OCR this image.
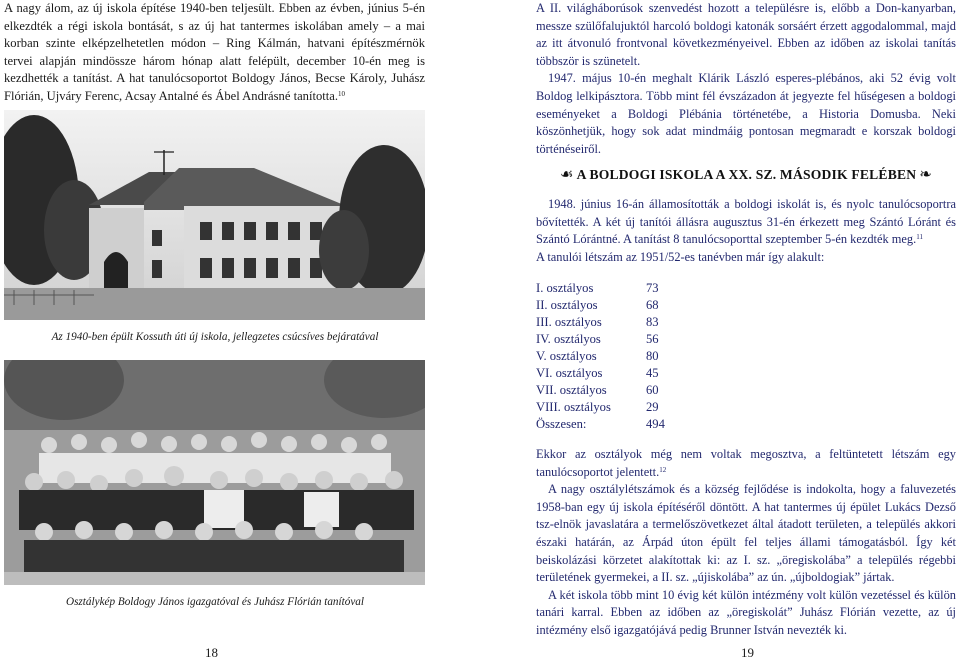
A nagy álom, az új iskola építése 1940-ben teljesült. Ebben az évben, június 5-én elkezdték a régi iskola bontását, s az új hat tantermes iskolában amely – a mai korban szinte elképzelhetetlen módon – Ring Kálmán, hatvani építészmérnök tervei alapján mindössze három hónap alatt felépült, december 10-én meg is kezdhették a tanítást. A hat tanulócsoportot Boldogy János, Becse Károly, Juhász Flórián, Ujváry Ferenc, Acsay Antalné és Ábel Andrásné tanította.$^{10}$

Az 1940-ben épült Kossuth úti új iskola, jellegzetes csúcsíves bejáratával
Osztálykép Boldogy János igazgatóval és Juhász Flórián tanítóval
18

A II. világháborúsok szenvedést hozott a településre is, előbb a Don-kanyarban, messze szülőfalujuktól harcoló boldogi katonák sorsáért érzett aggodalommal, majd az itt átvonuló frontvonal következményeivel. Ebben az időben az iskolai tanítás többször is szünetelt.

1947. május 10-én meghalt Klárik László esperes-plébános, aki 52 évig volt Boldog lelkipásztora. Több mint fél évszázadon át jegyezte fel hűségesen a boldogi eseményeket a Boldogi Plébánia történetébe, a Historia Domusba. Neki köszönhetjük, hogy sok adat mindmáig pontosan megmaradt e korszak boldogi történéseiről.

☙ A BOLDOGI ISKOLA A XX. SZ. MÁSODIK FELÉBEN ❧

1948. június 16-án államosították a boldogi iskolát is, és nyolc tanulócsoportra bővítették. A két új tanítói állásra augusztus 31-én érkezett meg Szántó Lóránt és Szántó Lórántné. A tanítást 8 tanulócsoporttal szeptember 5-én kezdték meg.$^{11}$
A tanulói létszám az 1951/52-es tanévben már így alakult:

I. osztályos	73
II. osztályos	68
III. osztályos	83
IV. osztályos	56
V. osztályos	80
VI. osztályos	45
VII. osztályos	60
VIII. osztályos	29
Összesen:	494

Ekkor az osztályok még nem voltak megosztva, a feltüntetett létszám egy tanulócsoportot jelentett.$^{12}$

A nagy osztálylétszámok és a község fejlődése is indokolta, hogy a faluvezetés 1958-ban egy új iskola építéséről döntött. A hat tantermes új épület Lukács Dezső tsz-elnök javaslatára a termelőszövetkezet által átadott területen, a település akkori északi határán, az Árpád úton épült fel teljes állami támogatásból. Így két beiskolázási körzetet alakítottak ki: az I. sz. „öregiskolába” a település régebbi területének gyermekei, a II. sz. „újiskolába” az ún. „újboldogiak” jártak.

A két iskola több mint 10 évig két külön intézmény volt külön vezetéssel és külön tanári karral. Ebben az időben az „öregiskolát” Juhász Flórián vezette, az új intézmény első igazgatójává pedig Brunner István nevezték ki.

19
